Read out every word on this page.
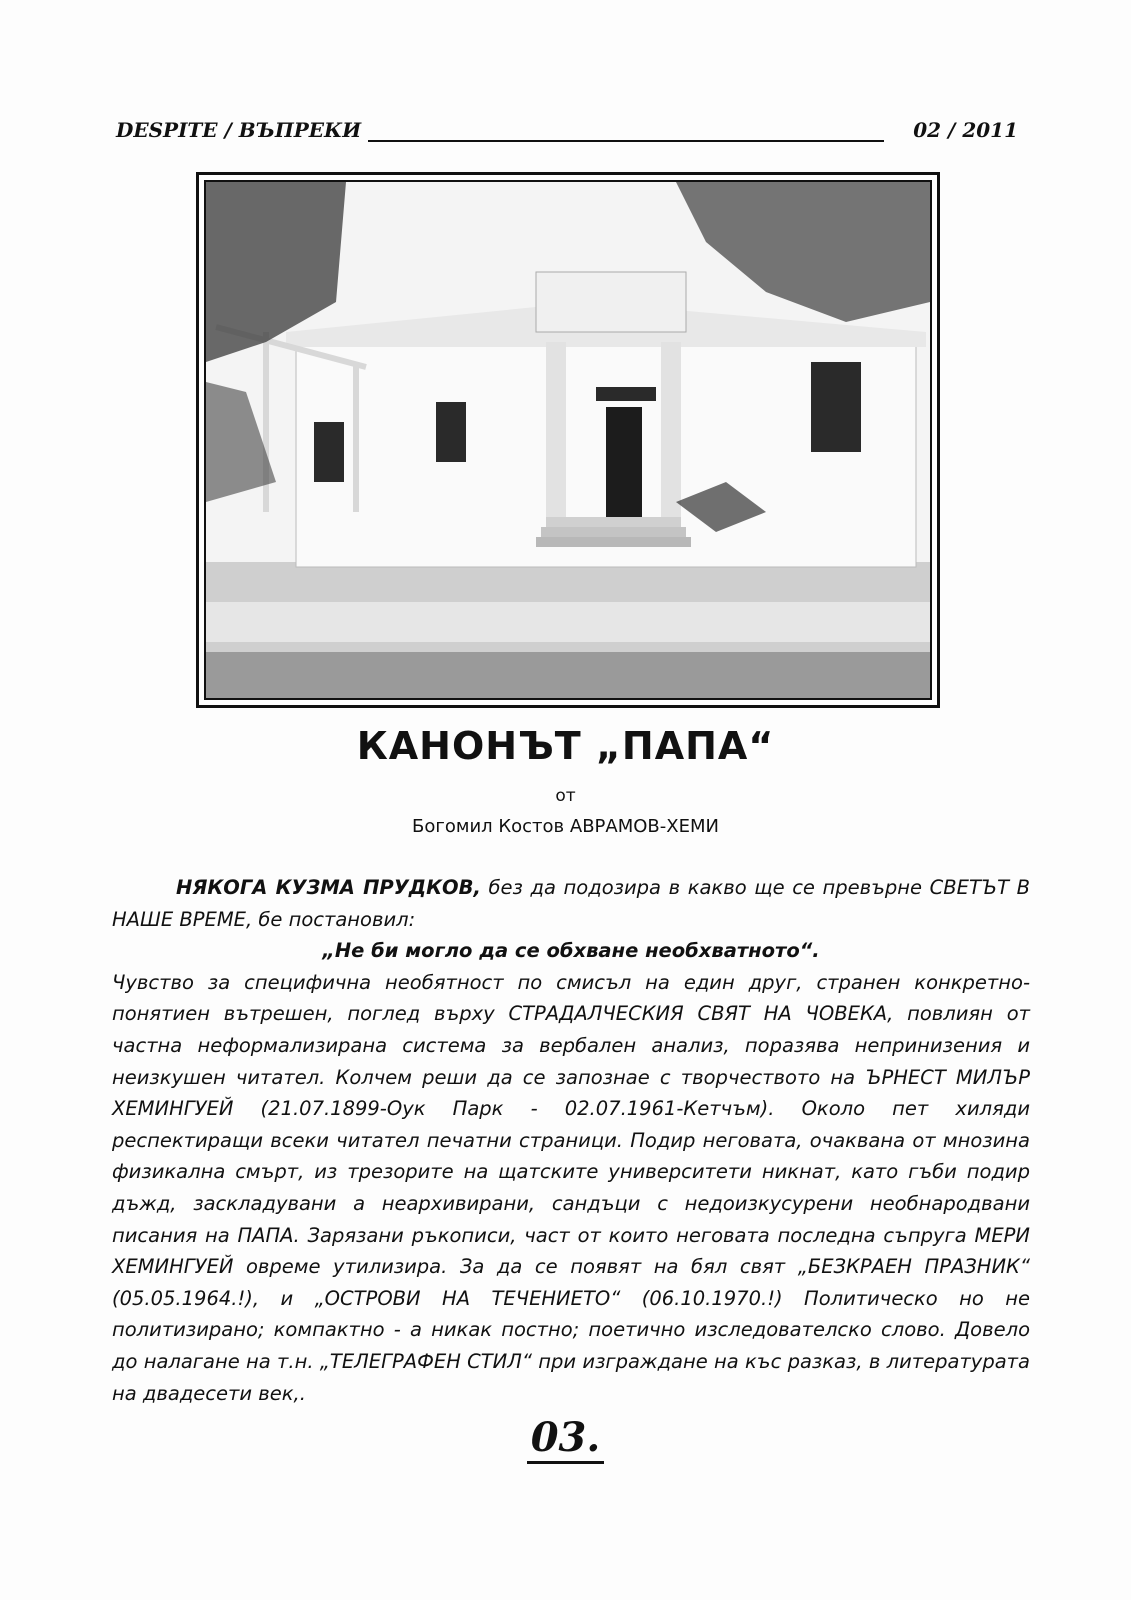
DESPITE / ВЪПРЕКИ	02 / 2011
КАНОНЪТ „ПАПА“
от
Богомил Костов АВРАМОВ-ХЕМИ

НЯКОГА КУЗМА ПРУДКОВ, без да подозира в какво ще се превърне СВЕТЪТ В НАШЕ ВРЕМЕ, бе постановил:

„Не би могло да се обхване необхватното“.

Чувство за специфична необятност по смисъл на един друг, странен конкретно-понятиен вътрешен, поглед върху СТРАДАЛЧЕСКИЯ СВЯТ НА ЧОВЕКА, повлиян от частна неформализирана система за вербален анализ, поразява непринизения и неизкушен читател. Колчем реши да се запознае с творчеството на ЪРНЕСТ МИЛЪР ХЕМИНГУЕЙ (21.07.1899-Оук Парк - 02.07.1961-Кетчъм). Около пет хиляди респектиращи всеки читател печатни страници. Подир неговата, очаквана от мнозина физикална смърт, из трезорите на щатските университети никнат, като гъби подир дъжд, заскладувани а неархивирани, сандъци с недоизкусурени необнародвани писания на ПАПА. Зарязани ръкописи, част от които неговата последна съпруга МЕРИ ХЕМИНГУЕЙ овреме утилизира. За да се появят на бял свят „БЕЗКРАЕН ПРАЗНИК“ (05.05.1964.!), и „ОСТРОВИ НА ТЕЧЕНИЕТО“ (06.10.1970.!) Политическо но не политизирано; компактно - а никак постно; поетично изследователско слово. Довело до налагане на т.н. „ТЕЛЕГРАФЕН СТИЛ“ при изграждане на къс разказ, в литературата на двадесети век,.

03.
